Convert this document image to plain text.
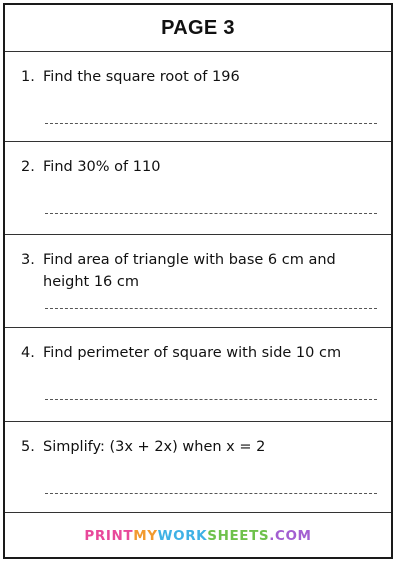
PAGE 3
1. Find the square root of 196
2. Find 30% of 110
3. Find area of triangle with base 6 cm and height 16 cm
4. Find perimeter of square with side 10 cm
5. Simplify: (3x + 2x) when x = 2
PRINTMYWORKSHEETS.COM
